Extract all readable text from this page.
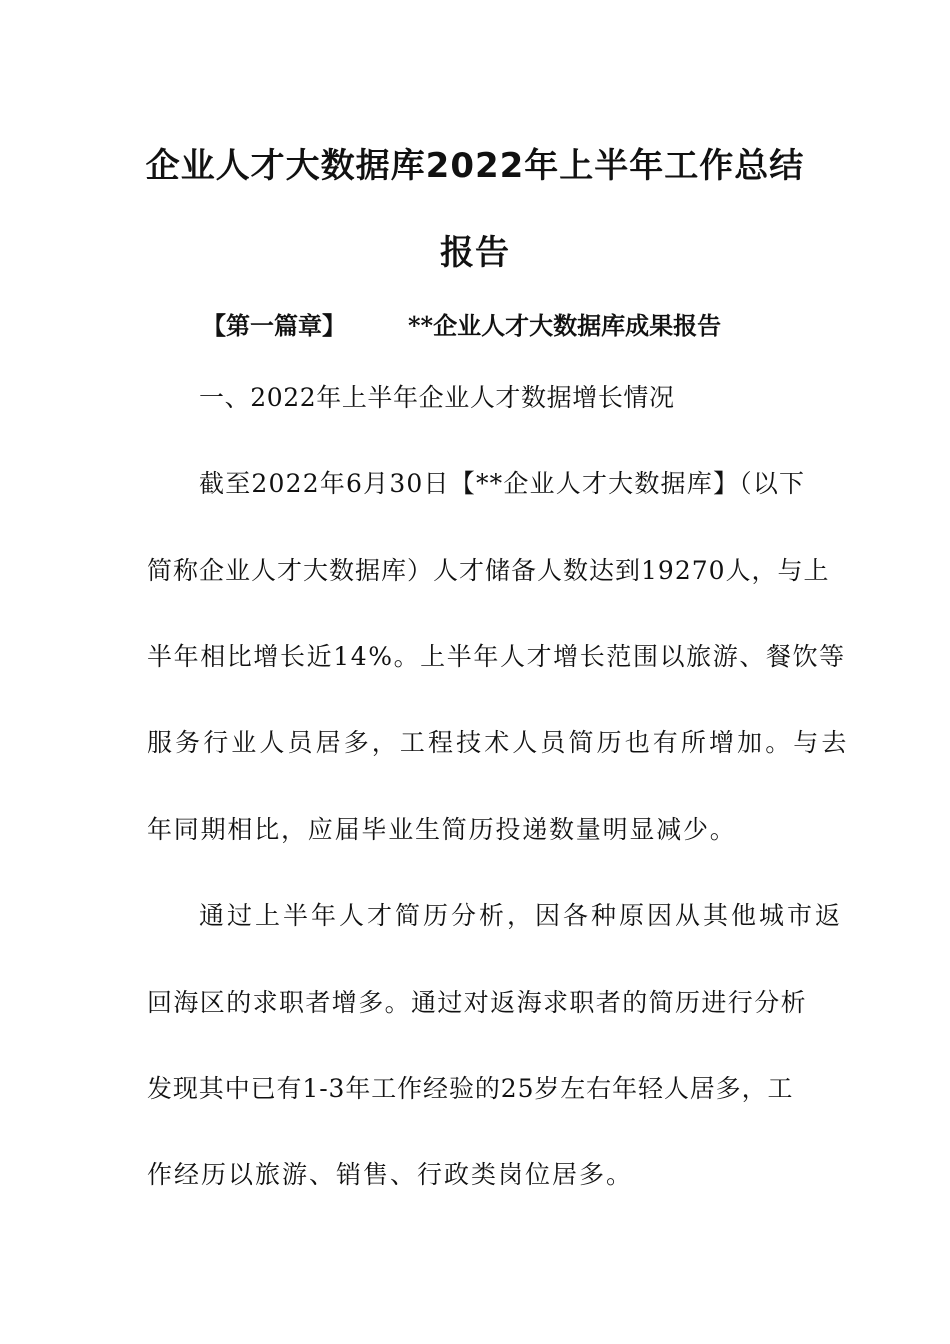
企业人才大数据库2022年上半年工作总结
报告
【第一篇章】	**企业人才大数据库成果报告
一、2022年上半年企业人才数据增长情况
截至2022年6月30日【**企业人才大数据库】（以下
简称企业人才大数据库）人才储备人数达到19270人，与上
半年相比增长近14%。上半年人才增长范围以旅游、餐饮等
服务行业人员居多，工程技术人员简历也有所增加。与去
年同期相比，应届毕业生简历投递数量明显减少。
通过上半年人才简历分析，因各种原因从其他城市返
回海区的求职者增多。通过对返海求职者的简历进行分析
发现其中已有1-3年工作经验的25岁左右年轻人居多，工
作经历以旅游、销售、行政类岗位居多。
